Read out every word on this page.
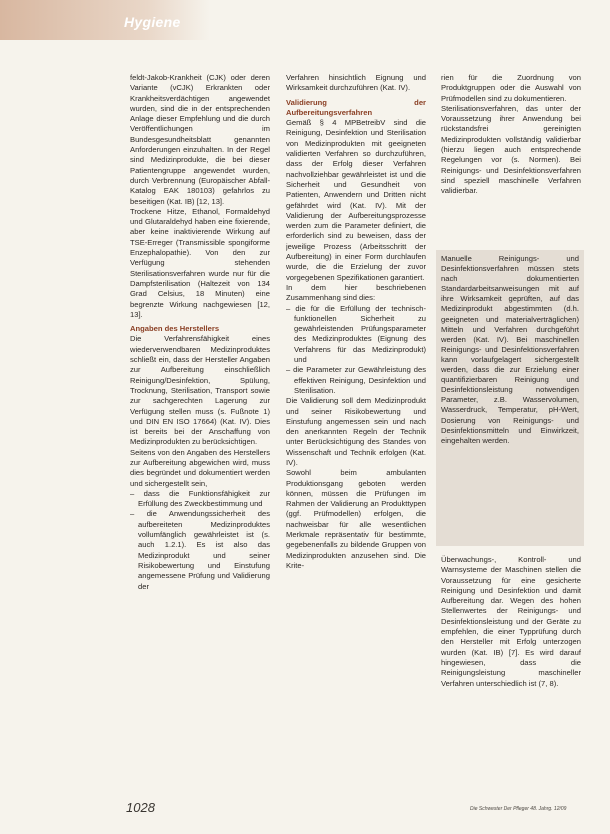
Hygiene

feldt-Jakob-Krankheit (CJK) oder deren Variante (vCJK) Erkrankten oder Krankheitsverdächtigen angewendet wurden, sind die in der entsprechenden Anlage dieser Empfehlung und die durch Veröffentlichungen im Bundesgesundheitsblatt genannten Anforderungen einzuhalten. In der Regel sind Medizinprodukte, die bei dieser Patientengruppe angewendet wurden, durch Verbrennung (Europäischer Abfall-Katalog EAK 180103) gefahrlos zu beseitigen (Kat. IB) [12, 13].

Trockene Hitze, Ethanol, Formaldehyd und Glutaraldehyd haben eine fixierende, aber keine inaktivierende Wirkung auf TSE-Erreger (Transmissible spongiforme Enzephalopathie). Von den zur Verfügung stehenden Sterilisationsverfahren wurde nur für die Dampfsterilisation (Haltezeit von 134 Grad Celsius, 18 Minuten) eine begrenzte Wirkung nachgewiesen [12, 13].

Angaben des Herstellers

Die Verfahrensfähigkeit eines wiederverwendbaren Medizinproduktes schließt ein, dass der Hersteller Angaben zur Aufbereitung einschließlich Reinigung/Desinfektion, Spülung, Trocknung, Sterilisation, Transport sowie zur sachgerechten Lagerung zur Verfügung stellen muss (s. Fußnote 1) und DIN EN ISO 17664) (Kat. IV). Dies ist bereits bei der Anschaffung von Medizinprodukten zu berücksichtigen.

Seitens von den Angaben des Herstellers zur Aufbereitung abgewichen wird, muss dies begründet und dokumentiert werden und sichergestellt sein,

– dass die Funktionsfähigkeit zur Erfüllung des Zweckbestimmung und

– die Anwendungssicherheit des aufbereiteten Medizinproduktes vollumfänglich gewährleistet ist (s. auch 1.2.1). Es ist also das Medizinprodukt und seiner Risikobewertung und Einstufung angemessene Prüfung und Validierung der

Verfahren hinsichtlich Eignung und Wirksamkeit durchzuführen (Kat. IV).

Validierung der Aufbereitungsverfahren

Gemäß § 4 MPBetreibV sind die Reinigung, Desinfektion und Sterilisation von Medizinprodukten mit geeigneten validierten Verfahren so durchzuführen, dass der Erfolg dieser Verfahren nachvollziehbar gewährleistet ist und die Sicherheit und Gesundheit von Patienten, Anwendern und Dritten nicht gefährdet wird (Kat. IV). Mit der Validierung der Aufbereitungsprozesse werden zum die Parameter definiert, die erforderlich sind zu beweisen, dass der jeweilige Prozess (Arbeitsschritt der Aufbereitung) in einer Form durchlaufen wurde, die die Erzielung der zuvor vorgegebenen Spezifikationen garantiert.

In dem hier beschriebenen Zusammenhang sind dies:

– die für die Erfüllung der technisch-funktionellen Sicherheit zu gewährleistenden Prüfungsparameter des Medizinproduktes (Eignung des Verfahrens für das Medizinprodukt) und

– die Parameter zur Gewährleistung des effektiven Reinigung, Desinfektion und Sterilisation.

Die Validierung soll dem Medizinprodukt und seiner Risikobewertung und Einstufung angemessen sein und nach den anerkannten Regeln der Technik unter Berücksichtigung des Standes von Wissenschaft und Technik erfolgen (Kat. IV).

Sowohl beim ambulanten Produktionsgang geboten werden können, müssen die Prüfungen im Rahmen der Validierung an Produkttypen (ggf. Prüfmodellen) erfolgen, die nachweisbar für alle wesentlichen Merkmale repräsentativ für bestimmte, gegebenenfalls zu bildende Gruppen von Medizinprodukten anzusehen sind. Die Krite-

rien für die Zuordnung von Produktgruppen oder die Auswahl von Prüfmodellen sind zu dokumentieren.

Sterilisationsverfahren, das unter der Voraussetzung ihrer Anwendung bei rückstandsfrei gereinigten Medizinprodukten vollständig validierbar (hierzu liegen auch entsprechende Regelungen vor (s. Normen). Bei Reinigungs- und Desinfektionsverfahren sind speziell maschinelle Verfahren validierbar.

Manuelle Reinigungs- und Desinfektionsverfahren müssen stets nach dokumentierten Standardarbeitsanweisungen mit auf ihre Wirksamkeit geprüften, auf das Medizinprodukt abgestimmten (d.h. geeigneten und materialverträglichen) Mitteln und Verfahren durchgeführt werden (Kat. IV). Bei maschinellen Reinigungs- und Desinfektionsverfahren kann vorlaufgelagert sichergestellt werden, dass die zur Erzielung einer quantifizierbaren Reinigung und Desinfektionsleistung notwendigen Parameter, z.B. Wasservolumen, Wasserdruck, Temperatur, pH-Wert, Dosierung von Reinigungs- und Desinfektionsmitteln und Einwirkzeit, eingehalten werden.

Überwachungs-, Kontroll- und Warnsysteme der Maschinen stellen die Voraussetzung für eine gesicherte Reinigung und Desinfektion und damit Aufbereitung dar. Wegen des hohen Stellenwertes der Reinigungs- und Desinfektionsleistung und der Geräte zu empfehlen, die einer Typprüfung durch den Hersteller mit Erfolg unterzogen wurden (Kat. IB) [7]. Es wird darauf hingewiesen, dass die Reinigungsleistung maschineller Verfahren unterschiedlich ist (7, 8).

1028	Die Schwester Der Pfleger 48. Jahrg. 12/09
